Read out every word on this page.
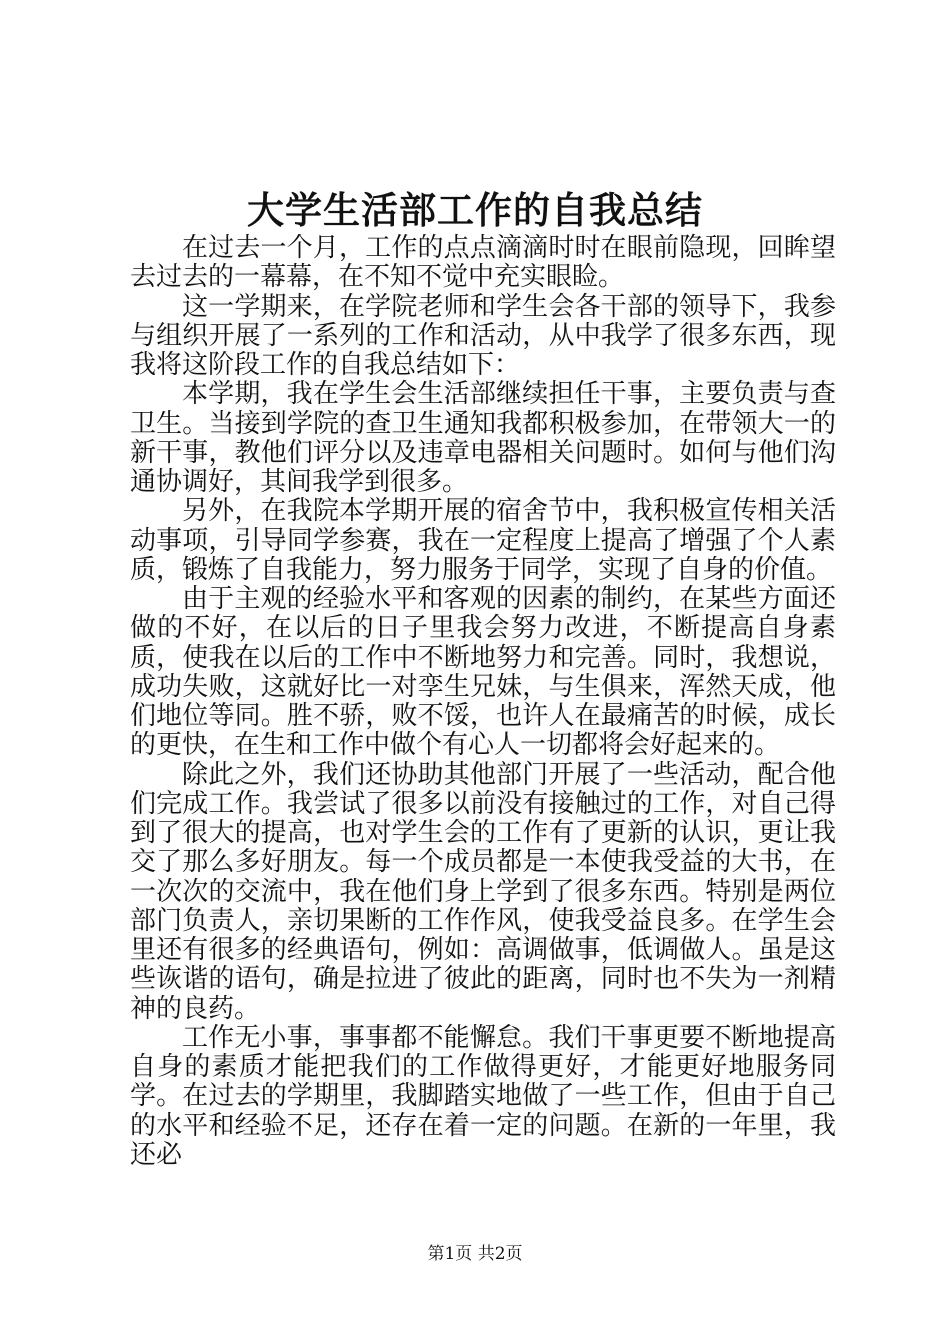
大学生活部工作的自我总结

在过去一个月，工作的点点滴滴时时在眼前隐现，回眸望去过去的一幕幕，在不知不觉中充实眼睑。

这一学期来，在学院老师和学生会各干部的领导下，我参与组织开展了一系列的工作和活动，从中我学了很多东西，现我将这阶段工作的自我总结如下：

本学期，我在学生会生活部继续担任干事，主要负责与查卫生。当接到学院的查卫生通知我都积极参加，在带领大一的新干事，教他们评分以及违章电器相关问题时。如何与他们沟通协调好，其间我学到很多。

另外，在我院本学期开展的宿舍节中，我积极宣传相关活动事项，引导同学参赛，我在一定程度上提高了增强了个人素质，锻炼了自我能力，努力服务于同学，实现了自身的价值。

由于主观的经验水平和客观的因素的制约，在某些方面还做的不好，在以后的日子里我会努力改进，不断提高自身素质，使我在以后的工作中不断地努力和完善。同时，我想说，成功失败，这就好比一对孪生兄妹，与生俱来，浑然天成，他们地位等同。胜不骄，败不馁，也许人在最痛苦的时候，成长的更快，在生和工作中做个有心人一切都将会好起来的。

除此之外，我们还协助其他部门开展了一些活动，配合他们完成工作。我尝试了很多以前没有接触过的工作，对自己得到了很大的提高，也对学生会的工作有了更新的认识，更让我交了那么多好朋友。每一个成员都是一本使我受益的大书，在一次次的交流中，我在他们身上学到了很多东西。特别是两位部门负责人，亲切果断的工作作风，使我受益良多。在学生会里还有很多的经典语句，例如：高调做事，低调做人。虽是这些诙谐的语句，确是拉进了彼此的距离，同时也不失为一剂精神的良药。

工作无小事，事事都不能懈怠。我们干事更要不断地提高自身的素质才能把我们的工作做得更好，才能更好地服务同学。在过去的学期里，我脚踏实地做了一些工作，但由于自己的水平和经验不足，还存在着一定的问题。在新的一年里，我还必

第1页 共2页
